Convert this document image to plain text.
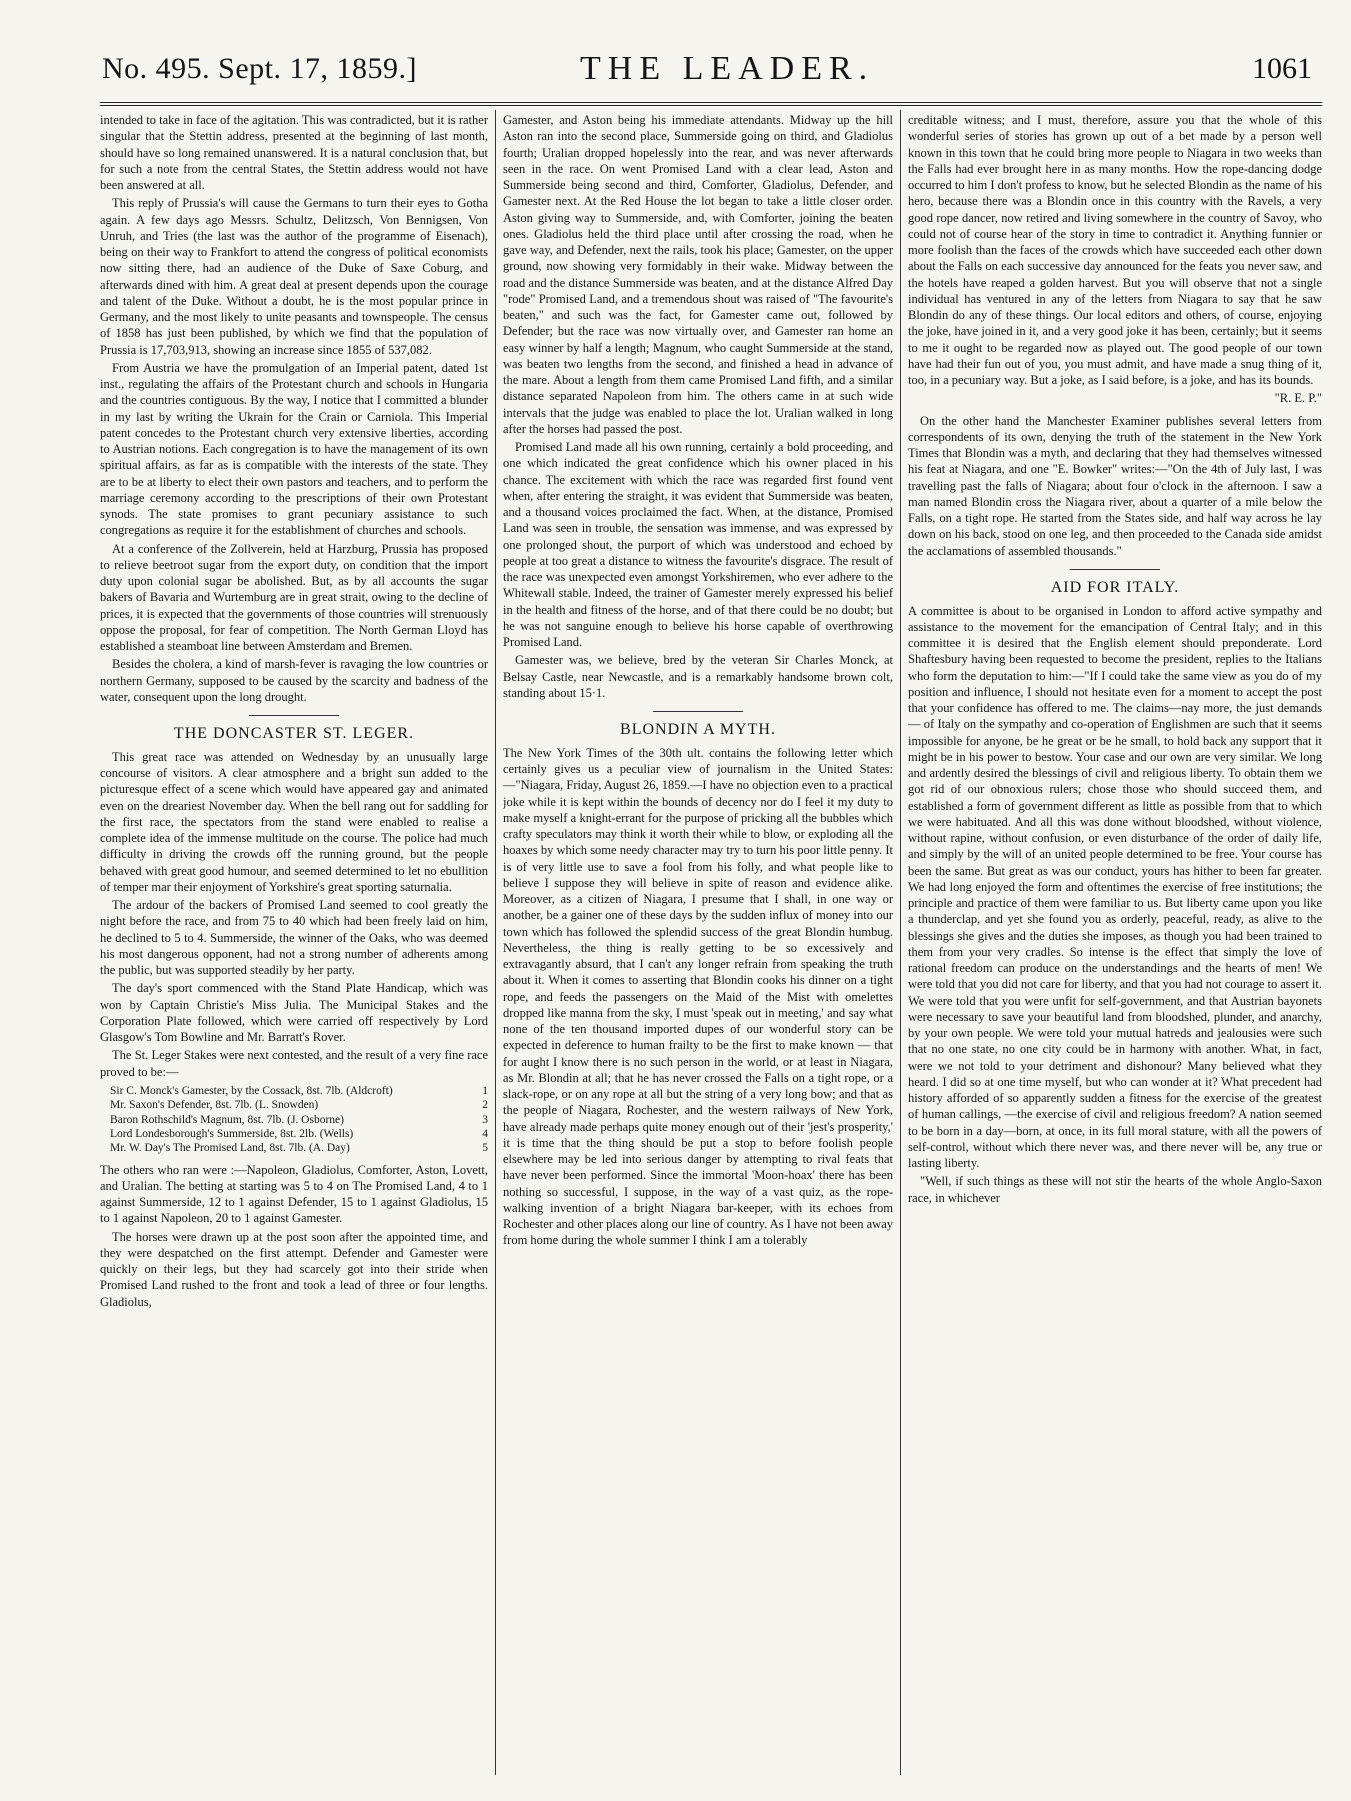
No. 495. Sept. 17, 1859.]	THE LEADER.	1061

intended to take in face of the agitation. This was contradicted, but it is rather singular that the Stettin address, presented at the beginning of last month, should have so long remained unanswered. It is a natural conclusion that, but for such a note from the central States, the Stettin address would not have been answered at all.

This reply of Prussia's will cause the Germans to turn their eyes to Gotha again. A few days ago Messrs. Schultz, Delitzsch, Von Bennigsen, Von Unruh, and Tries (the last was the author of the programme of Eisenach), being on their way to Frankfort to attend the congress of political economists now sitting there, had an audience of the Duke of Saxe Coburg, and afterwards dined with him. A great deal at present depends upon the courage and talent of the Duke. Without a doubt, he is the most popular prince in Germany, and the most likely to unite peasants and townspeople. The census of 1858 has just been published, by which we find that the population of Prussia is 17,703,913, showing an increase since 1855 of 537,082.

From Austria we have the promulgation of an Imperial patent, dated 1st inst., regulating the affairs of the Protestant church and schools in Hungaria and the countries contiguous. By the way, I notice that I committed a blunder in my last by writing the Ukrain for the Crain or Carniola. This Imperial patent concedes to the Protestant church very extensive liberties, according to Austrian notions. Each congregation is to have the management of its own spiritual affairs, as far as is compatible with the interests of the state. They are to be at liberty to elect their own pastors and teachers, and to perform the marriage ceremony according to the prescriptions of their own Protestant synods. The state promises to grant pecuniary assistance to such congregations as require it for the establishment of churches and schools.

At a conference of the Zollverein, held at Harzburg, Prussia has proposed to relieve beetroot sugar from the export duty, on condition that the import duty upon colonial sugar be abolished. But, as by all accounts the sugar bakers of Bavaria and Wurtemburg are in great strait, owing to the decline of prices, it is expected that the governments of those countries will strenuously oppose the proposal, for fear of competition. The North German Lloyd has established a steamboat line between Amsterdam and Bremen.

Besides the cholera, a kind of marsh-fever is ravaging the low countries or northern Germany, supposed to be caused by the scarcity and badness of the water, consequent upon the long drought.

THE DONCASTER ST. LEGER.

This great race was attended on Wednesday by an unusually large concourse of visitors. A clear atmosphere and a bright sun added to the picturesque effect of a scene which would have appeared gay and animated even on the dreariest November day. When the bell rang out for saddling for the first race, the spectators from the stand were enabled to realise a complete idea of the immense multitude on the course. The police had much difficulty in driving the crowds off the running ground, but the people behaved with great good humour, and seemed determined to let no ebullition of temper mar their enjoyment of Yorkshire's great sporting saturnalia.

The ardour of the backers of Promised Land seemed to cool greatly the night before the race, and from 75 to 40 which had been freely laid on him, he declined to 5 to 4. Summerside, the winner of the Oaks, who was deemed his most dangerous opponent, had not a strong number of adherents among the public, but was supported steadily by her party.

The day's sport commenced with the Stand Plate Handicap, which was won by Captain Christie's Miss Julia. The Municipal Stakes and the Corporation Plate followed, which were carried off respectively by Lord Glasgow's Tom Bowline and Mr. Barratt's Rover.

The St. Leger Stakes were next contested, and the result of a very fine race proved to be:—

Sir C. Monck's Gamester, by the Cossack, 8st. 7lb. (Aldcroft)	1
Mr. Saxon's Defender, 8st. 7lb. (L. Snowden)	2
Baron Rothschild's Magnum, 8st. 7lb. (J. Osborne)	3
Lord Londesborough's Summerside, 8st. 2lb. (Wells)	4
Mr. W. Day's The Promised Land, 8st. 7lb. (A. Day)	5

The others who ran were :—Napoleon, Gladiolus, Comforter, Aston, Lovett, and Uralian. The betting at starting was 5 to 4 on The Promised Land, 4 to 1 against Summerside, 12 to 1 against Defender, 15 to 1 against Gladiolus, 15 to 1 against Napoleon, 20 to 1 against Gamester.

The horses were drawn up at the post soon after the appointed time, and they were despatched on the first attempt. Defender and Gamester were quickly on their legs, but they had scarcely got into their stride when Promised Land rushed to the front and took a lead of three or four lengths. Gladiolus,

Gamester, and Aston being his immediate attendants. Midway up the hill Aston ran into the second place, Summerside going on third, and Gladiolus fourth; Uralian dropped hopelessly into the rear, and was never afterwards seen in the race. On went Promised Land with a clear lead, Aston and Summerside being second and third, Comforter, Gladiolus, Defender, and Gamester next. At the Red House the lot began to take a little closer order. Aston giving way to Summerside, and, with Comforter, joining the beaten ones. Gladiolus held the third place until after crossing the road, when he gave way, and Defender, next the rails, took his place; Gamester, on the upper ground, now showing very formidably in their wake. Midway between the road and the distance Summerside was beaten, and at the distance Alfred Day "rode" Promised Land, and a tremendous shout was raised of "The favourite's beaten," and such was the fact, for Gamester came out, followed by Defender; but the race was now virtually over, and Gamester ran home an easy winner by half a length; Magnum, who caught Summerside at the stand, was beaten two lengths from the second, and finished a head in advance of the mare. About a length from them came Promised Land fifth, and a similar distance separated Napoleon from him. The others came in at such wide intervals that the judge was enabled to place the lot. Uralian walked in long after the horses had passed the post.

Promised Land made all his own running, certainly a bold proceeding, and one which indicated the great confidence which his owner placed in his chance. The excitement with which the race was regarded first found vent when, after entering the straight, it was evident that Summerside was beaten, and a thousand voices proclaimed the fact. When, at the distance, Promised Land was seen in trouble, the sensation was immense, and was expressed by one prolonged shout, the purport of which was understood and echoed by people at too great a distance to witness the favourite's disgrace. The result of the race was unexpected even amongst Yorkshiremen, who ever adhere to the Whitewall stable. Indeed, the trainer of Gamester merely expressed his belief in the health and fitness of the horse, and of that there could be no doubt; but he was not sanguine enough to believe his horse capable of overthrowing Promised Land.

Gamester was, we believe, bred by the veteran Sir Charles Monck, at Belsay Castle, near Newcastle, and is a remarkably handsome brown colt, standing about 15·1.

BLONDIN A MYTH.

The New York Times of the 30th ult. contains the following letter which certainly gives us a peculiar view of journalism in the United States:—"Niagara, Friday, August 26, 1859.—I have no objection even to a practical joke while it is kept within the bounds of decency nor do I feel it my duty to make myself a knight-errant for the purpose of pricking all the bubbles which crafty speculators may think it worth their while to blow, or exploding all the hoaxes by which some needy character may try to turn his poor little penny. It is of very little use to save a fool from his folly, and what people like to believe I suppose they will believe in spite of reason and evidence alike. Moreover, as a citizen of Niagara, I presume that I shall, in one way or another, be a gainer one of these days by the sudden influx of money into our town which has followed the splendid success of the great Blondin humbug. Nevertheless, the thing is really getting to be so excessively and extravagantly absurd, that I can't any longer refrain from speaking the truth about it. When it comes to asserting that Blondin cooks his dinner on a tight rope, and feeds the passengers on the Maid of the Mist with omelettes dropped like manna from the sky, I must 'speak out in meeting,' and say what none of the ten thousand imported dupes of our wonderful story can be expected in deference to human frailty to be the first to make known — that for aught I know there is no such person in the world, or at least in Niagara, as Mr. Blondin at all; that he has never crossed the Falls on a tight rope, or a slack-rope, or on any rope at all but the string of a very long bow; and that as the people of Niagara, Rochester, and the western railways of New York, have already made perhaps quite money enough out of their 'jest's prosperity,' it is time that the thing should be put a stop to before foolish people elsewhere may be led into serious danger by attempting to rival feats that have never been performed. Since the immortal 'Moon-hoax' there has been nothing so successful, I suppose, in the way of a vast quiz, as the rope-walking invention of a bright Niagara bar-keeper, with its echoes from Rochester and other places along our line of country. As I have not been away from home during the whole summer I think I am a tolerably

creditable witness; and I must, therefore, assure you that the whole of this wonderful series of stories has grown up out of a bet made by a person well known in this town that he could bring more people to Niagara in two weeks than the Falls had ever brought here in as many months. How the rope-dancing dodge occurred to him I don't profess to know, but he selected Blondin as the name of his hero, because there was a Blondin once in this country with the Ravels, a very good rope dancer, now retired and living somewhere in the country of Savoy, who could not of course hear of the story in time to contradict it. Anything funnier or more foolish than the faces of the crowds which have succeeded each other down about the Falls on each successive day announced for the feats you never saw, and the hotels have reaped a golden harvest. But you will observe that not a single individual has ventured in any of the letters from Niagara to say that he saw Blondin do any of these things. Our local editors and others, of course, enjoying the joke, have joined in it, and a very good joke it has been, certainly; but it seems to me it ought to be regarded now as played out. The good people of our town have had their fun out of you, you must admit, and have made a snug thing of it, too, in a pecuniary way. But a joke, as I said before, is a joke, and has its bounds.

"R. E. P."

On the other hand the Manchester Examiner publishes several letters from correspondents of its own, denying the truth of the statement in the New York Times that Blondin was a myth, and declaring that they had themselves witnessed his feat at Niagara, and one "E. Bowker" writes:—"On the 4th of July last, I was travelling past the falls of Niagara; about four o'clock in the afternoon. I saw a man named Blondin cross the Niagara river, about a quarter of a mile below the Falls, on a tight rope. He started from the States side, and half way across he lay down on his back, stood on one leg, and then proceeded to the Canada side amidst the acclamations of assembled thousands."

AID FOR ITALY.

A committee is about to be organised in London to afford active sympathy and assistance to the movement for the emancipation of Central Italy; and in this committee it is desired that the English element should preponderate. Lord Shaftesbury having been requested to become the president, replies to the Italians who form the deputation to him:—"If I could take the same view as you do of my position and influence, I should not hesitate even for a moment to accept the post that your confidence has offered to me. The claims—nay more, the just demands— of Italy on the sympathy and co-operation of Englishmen are such that it seems impossible for anyone, be he great or be he small, to hold back any support that it might be in his power to bestow. Your case and our own are very similar. We long and ardently desired the blessings of civil and religious liberty. To obtain them we got rid of our obnoxious rulers; chose those who should succeed them, and established a form of government different as little as possible from that to which we were habituated. And all this was done without bloodshed, without violence, without rapine, without confusion, or even disturbance of the order of daily life, and simply by the will of an united people determined to be free. Your course has been the same. But great as was our conduct, yours has hither to been far greater. We had long enjoyed the form and oftentimes the exercise of free institutions; the principle and practice of them were familiar to us. But liberty came upon you like a thunderclap, and yet she found you as orderly, peaceful, ready, as alive to the blessings she gives and the duties she imposes, as though you had been trained to them from your very cradles. So intense is the effect that simply the love of rational freedom can produce on the understandings and the hearts of men! We were told that you did not care for liberty, and that you had not courage to assert it. We were told that you were unfit for self-government, and that Austrian bayonets were necessary to save your beautiful land from bloodshed, plunder, and anarchy, by your own people. We were told your mutual hatreds and jealousies were such that no one state, no one city could be in harmony with another. What, in fact, were we not told to your detriment and dishonour? Many believed what they heard. I did so at one time myself, but who can wonder at it? What precedent had history afforded of so apparently sudden a fitness for the exercise of the greatest of human callings, —the exercise of civil and religious freedom? A nation seemed to be born in a day—born, at once, in its full moral stature, with all the powers of self-control, without which there never was, and there never will be, any true or lasting liberty.

"Well, if such things as these will not stir the hearts of the whole Anglo-Saxon race, in whichever
